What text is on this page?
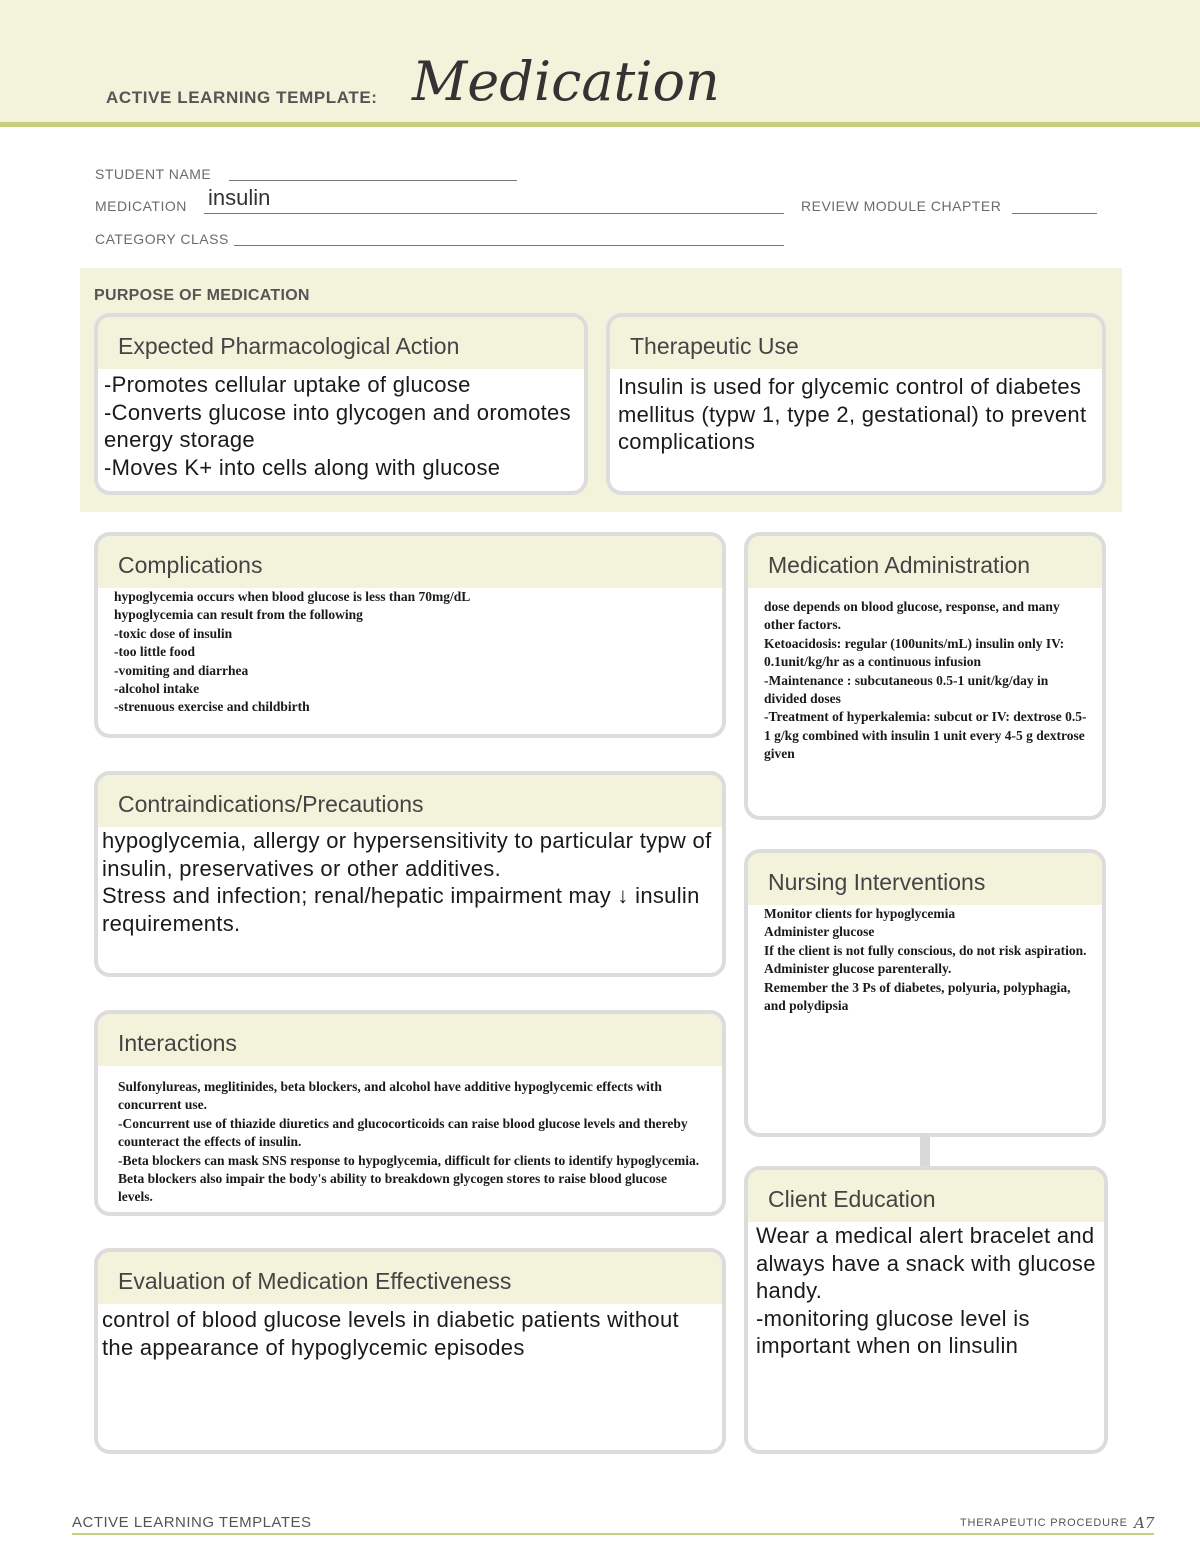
ACTIVE LEARNING TEMPLATE: Medication
STUDENT NAME
MEDICATION insulin	REVIEW MODULE CHAPTER
CATEGORY CLASS
PURPOSE OF MEDICATION
Expected Pharmacological Action
-Promotes cellular uptake of glucose
-Converts glucose into glycogen and oromotes energy storage
-Moves K+ into cells along with glucose
Therapeutic Use
Insulin is used for glycemic control of diabetes mellitus (typw 1, type 2, gestational) to prevent complications
Complications
hypoglycemia occurs when blood glucose is less than 70mg/dL
hypoglycemia can result from the following
-toxic dose of insulin
-too little food
-vomiting and diarrhea
-alcohol intake
-strenuous exercise and childbirth
Medication Administration
dose depends on blood glucose, response, and many other factors.
Ketoacidosis: regular (100units/mL) insulin only IV: 0.1unit/kg/hr as a continuous infusion
-Maintenance : subcutaneous 0.5-1 unit/kg/day in divided doses
-Treatment of hyperkalemia: subcut or IV: dextrose 0.5-1 g/kg combined with insulin 1 unit every 4-5 g dextrose given
Contraindications/Precautions
hypoglycemia, allergy or hypersensitivity to particular typw of insulin, preservatives or other additives.
Stress and infection; renal/hepatic impairment may ↓ insulin requirements.
Nursing Interventions
Monitor clients for hypoglycemia
Administer glucose
If the client is not fully conscious, do not risk aspiration. Administer glucose parenterally.
Remember the 3 Ps of diabetes, polyuria, polyphagia, and polydipsia
Interactions
Sulfonylureas, meglitinides, beta blockers, and alcohol have additive hypoglycemic effects with concurrent use.
-Concurrent use of thiazide diuretics and glucocorticoids can raise blood glucose levels and thereby counteract the effects of insulin.
-Beta blockers can mask SNS response to hypoglycemia, difficult for clients to identify hypoglycemia. Beta blockers also impair the body's ability to breakdown glycogen stores to raise blood glucose levels.	Client Education
Wear a medical alert bracelet and always have a snack with glucose handy.
-monitoring glucose level is important when on linsulin
Evaluation of Medication Effectiveness
control of blood glucose levels in diabetic patients without the appearance of hypoglycemic episodes
ACTIVE LEARNING TEMPLATES	THERAPEUTIC PROCEDURE A7
